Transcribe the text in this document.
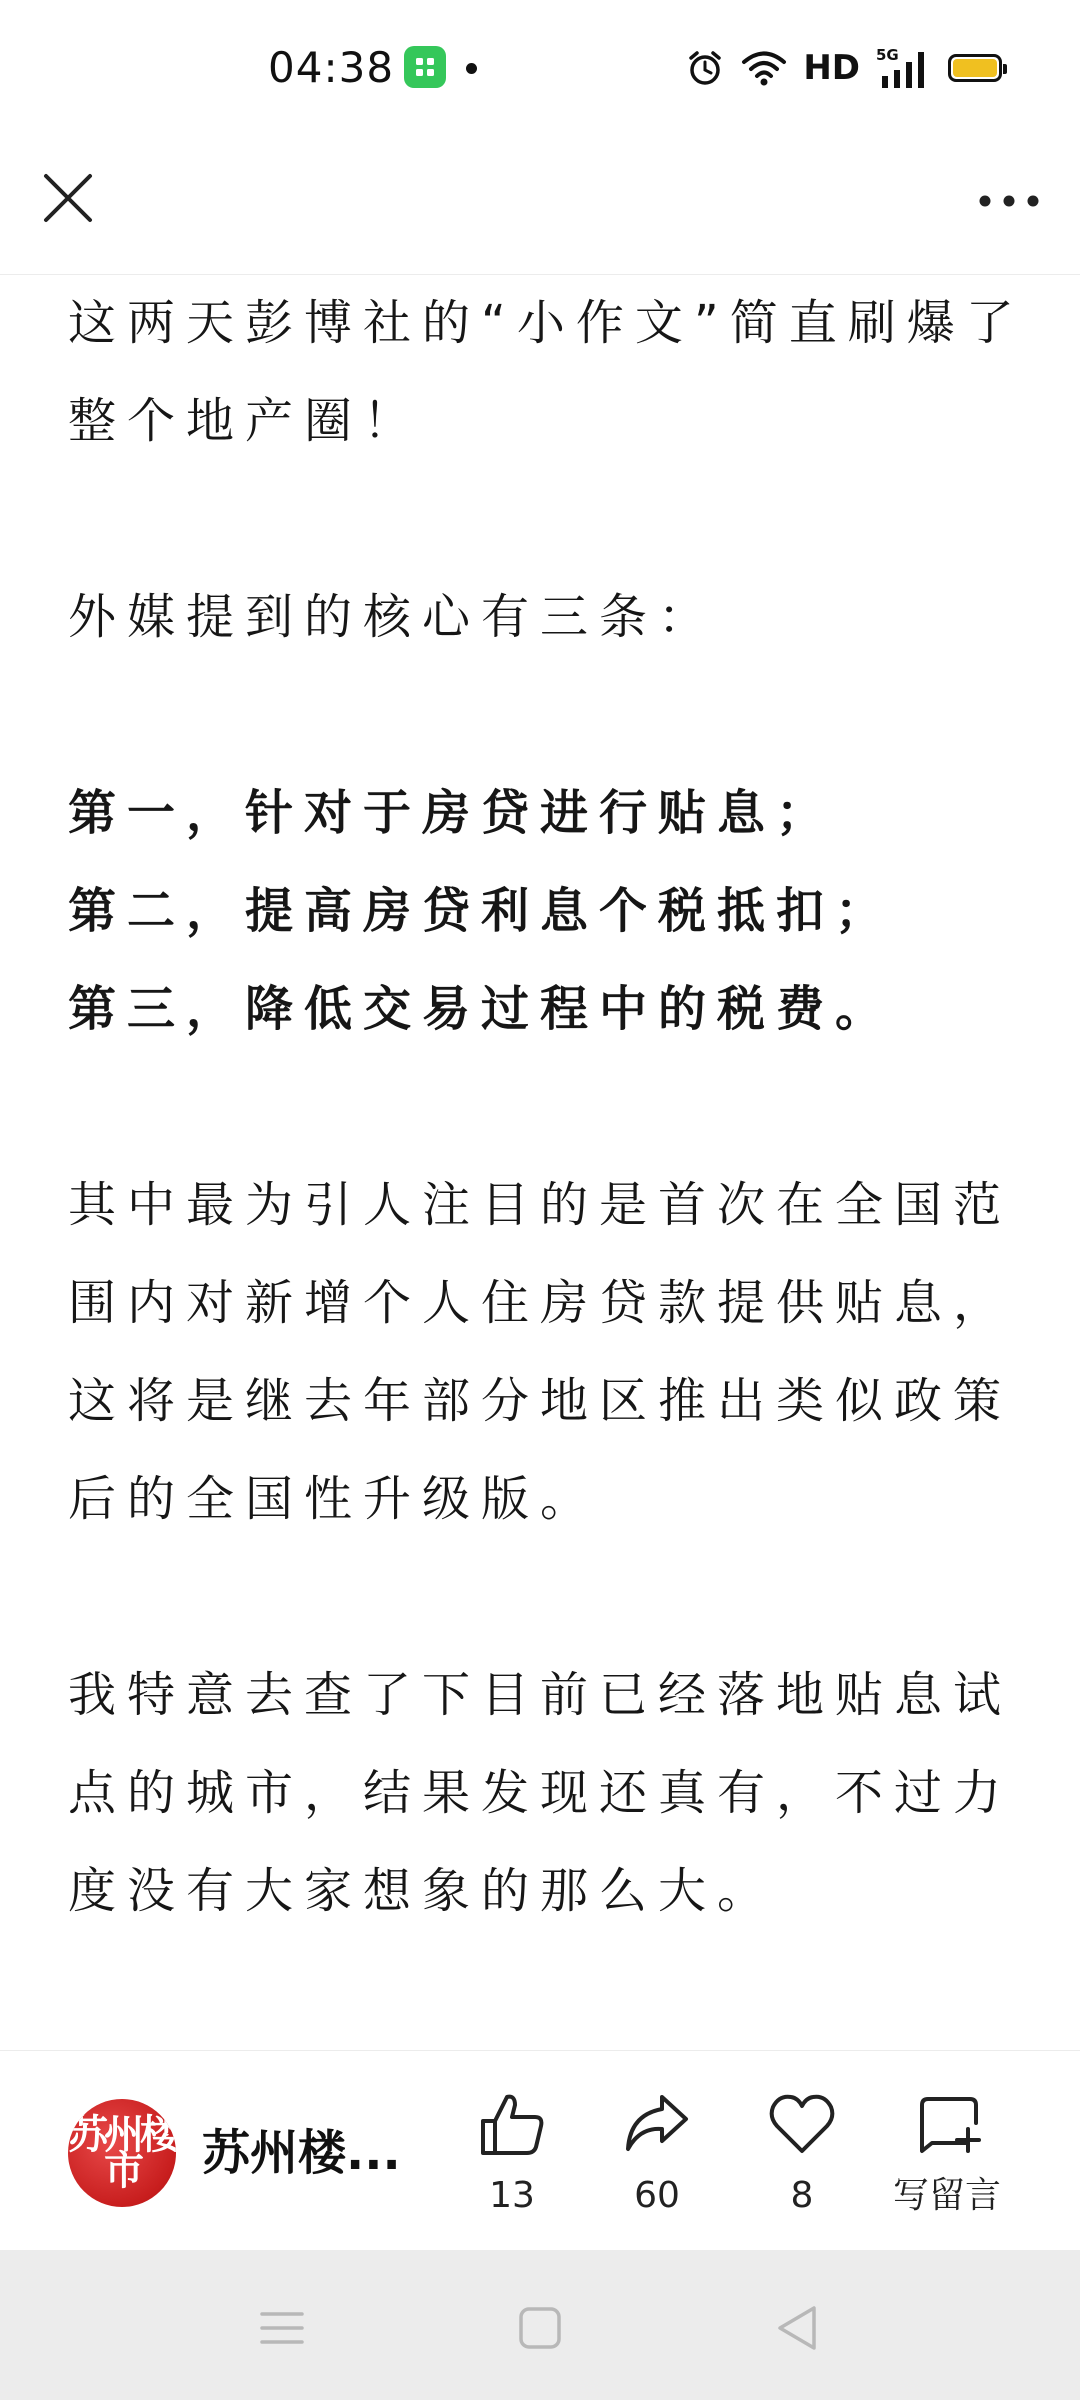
04:38	HD 5G

这两天彭博社的“小作文”简直刷爆了整个地产圈！

外媒提到的核心有三条：

第一，针对于房贷进行贴息；

第二，提高房贷利息个税抵扣；

第三，降低交易过程中的税费。

其中最为引人注目的是首次在全国范围内对新增个人住房贷款提供贴息，这将是继去年部分地区推出类似政策后的全国性升级版。

我特意去查了下目前已经落地贴息试点的城市，结果发现还真有，不过力度没有大家想象的那么大。

苏州楼市	苏州楼...
13	60	8	写留言
